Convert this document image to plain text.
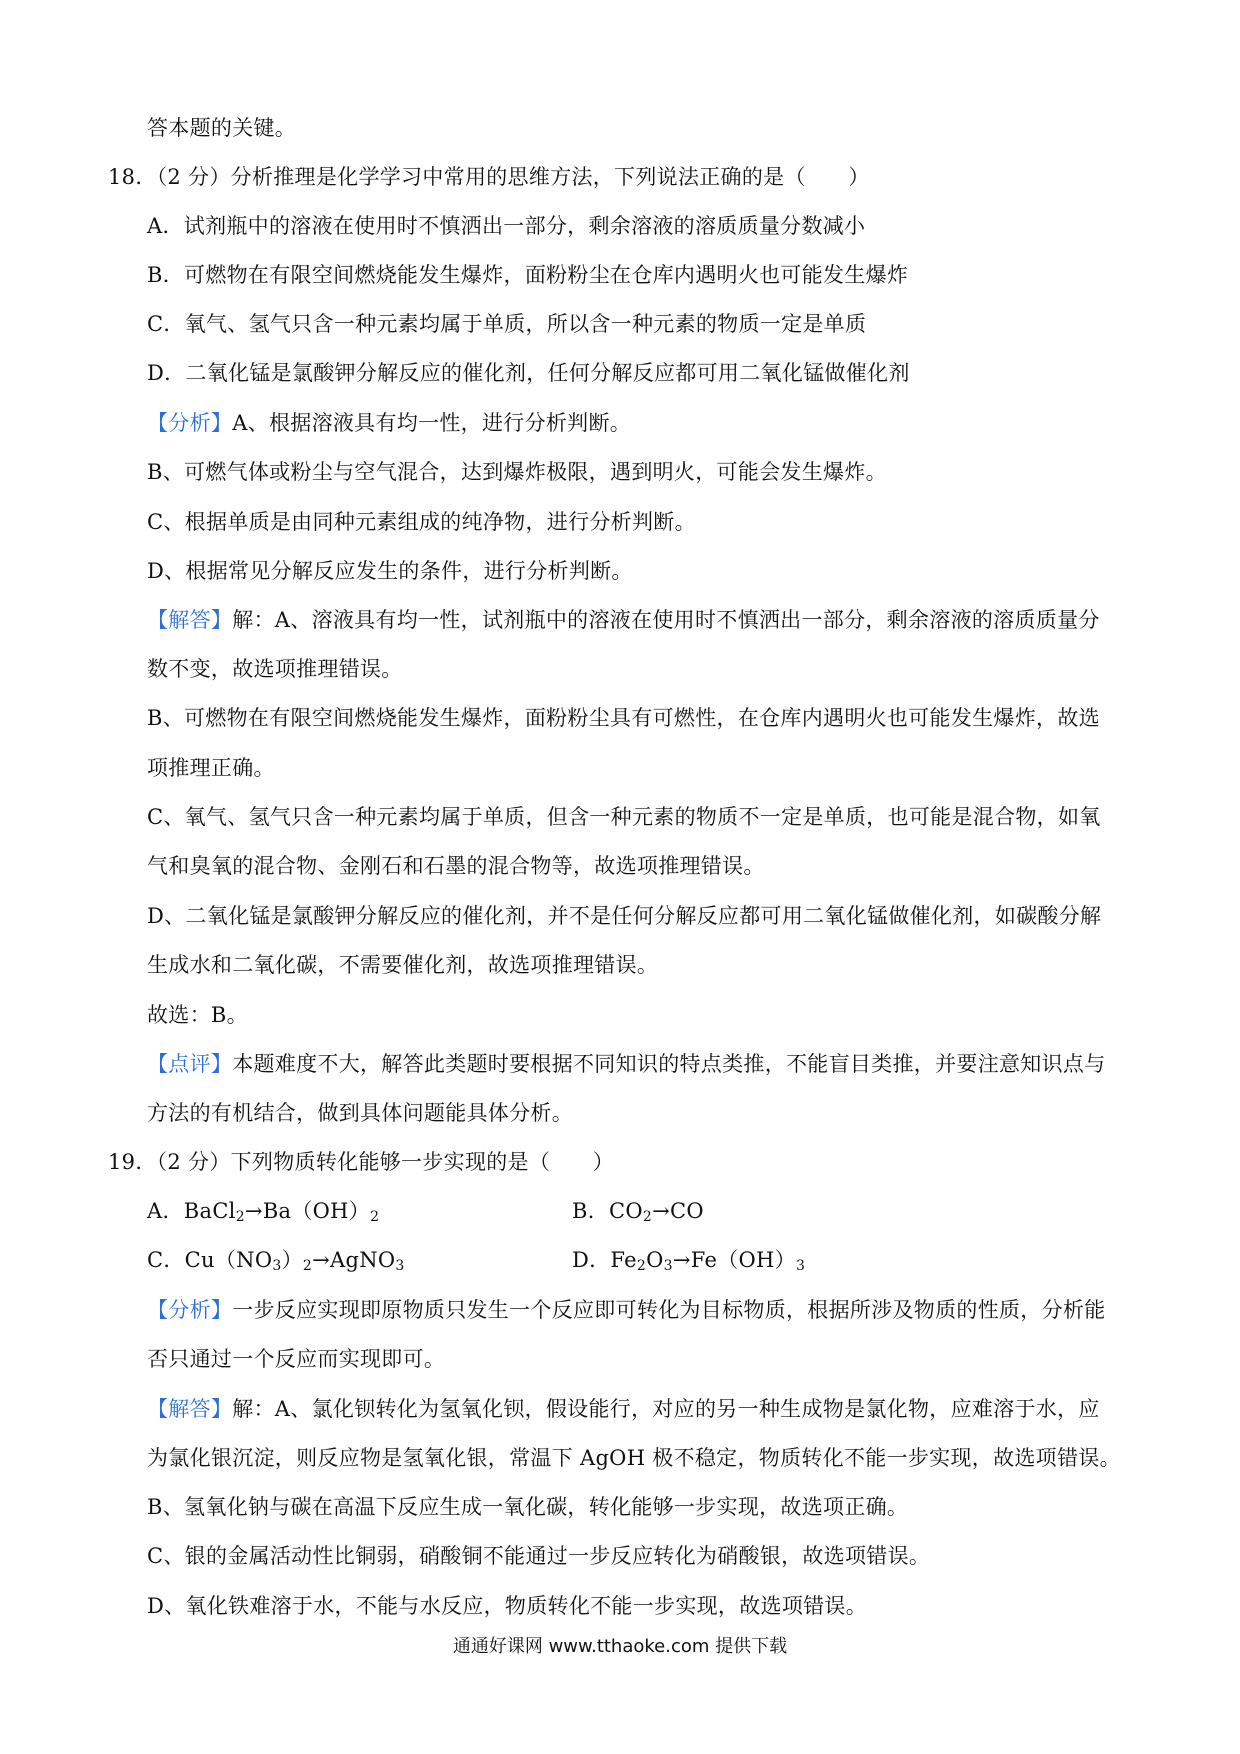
答本题的关键。
18．（2 分）分析推理是化学学习中常用的思维方法，下列说法正确的是（　　）
A．试剂瓶中的溶液在使用时不慎洒出一部分，剩余溶液的溶质质量分数减小
B．可燃物在有限空间燃烧能发生爆炸，面粉粉尘在仓库内遇明火也可能发生爆炸
C．氧气、氢气只含一种元素均属于单质，所以含一种元素的物质一定是单质
D．二氧化锰是氯酸钾分解反应的催化剂，任何分解反应都可用二氧化锰做催化剂
【分析】A、根据溶液具有均一性，进行分析判断。
B、可燃气体或粉尘与空气混合，达到爆炸极限，遇到明火，可能会发生爆炸。
C、根据单质是由同种元素组成的纯净物，进行分析判断。
D、根据常见分解反应发生的条件，进行分析判断。
【解答】解：A、溶液具有均一性，试剂瓶中的溶液在使用时不慎洒出一部分，剩余溶液的溶质质量分
数不变，故选项推理错误。
B、可燃物在有限空间燃烧能发生爆炸，面粉粉尘具有可燃性，在仓库内遇明火也可能发生爆炸，故选
项推理正确。
C、氧气、氢气只含一种元素均属于单质，但含一种元素的物质不一定是单质，也可能是混合物，如氧
气和臭氧的混合物、金刚石和石墨的混合物等，故选项推理错误。
D、二氧化锰是氯酸钾分解反应的催化剂，并不是任何分解反应都可用二氧化锰做催化剂，如碳酸分解
生成水和二氧化碳，不需要催化剂，故选项推理错误。
故选：B。
【点评】本题难度不大，解答此类题时要根据不同知识的特点类推，不能盲目类推，并要注意知识点与
方法的有机结合，做到具体问题能具体分析。
19．（2 分）下列物质转化能够一步实现的是（　　）
A．$BaCl_2\to Ba(OH)_2$	B．$CO_2\to CO$
C．$Cu(NO_3)_2\to AgNO_3$	D．$Fe_2O_3\to Fe(OH)_3$
【分析】一步反应实现即原物质只发生一个反应即可转化为目标物质，根据所涉及物质的性质，分析能
否只通过一个反应而实现即可。
【解答】解：A、氯化钡转化为氢氧化钡，假设能行，对应的另一种生成物是氯化物，应难溶于水，应
为氯化银沉淀，则反应物是氢氧化银，常温下 AgOH 极不稳定，物质转化不能一步实现，故选项错误。
B、氢氧化钠与碳在高温下反应生成一氧化碳，转化能够一步实现，故选项正确。
C、银的金属活动性比铜弱，硝酸铜不能通过一步反应转化为硝酸银，故选项错误。
D、氧化铁难溶于水，不能与水反应，物质转化不能一步实现，故选项错误。
通通好课网 www.tthaoke.com 提供下载
